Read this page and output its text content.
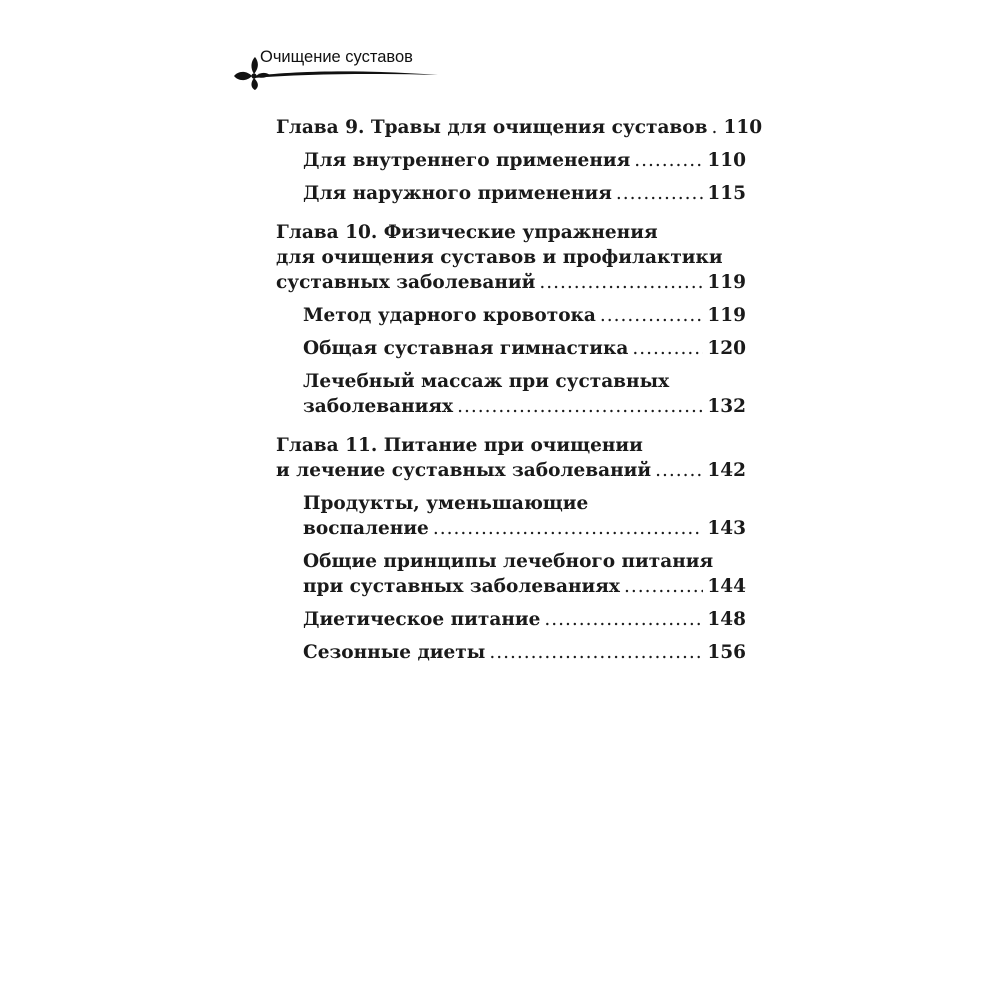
Очищение суставов
Глава 9. Травы для очищения суставов ..... 110
Для внутреннего применения .....	110
Для наружного применения .....	115
Глава 10. Физические упражнения
для очищения суставов и профилактики
суставных заболеваний .....	119
Метод ударного кровотока .....	119
Общая суставная гимнастика .....	120
Лечебный массаж при суставных
заболеваниях .....	132
Глава 11. Питание при очищении
и лечение суставных заболеваний .....	142
Продукты, уменьшающие
воспаление .....	143
Общие принципы лечебного питания
при суставных заболеваниях .....	144
Диетическое питание .....	148
Сезонные диеты .....	156
